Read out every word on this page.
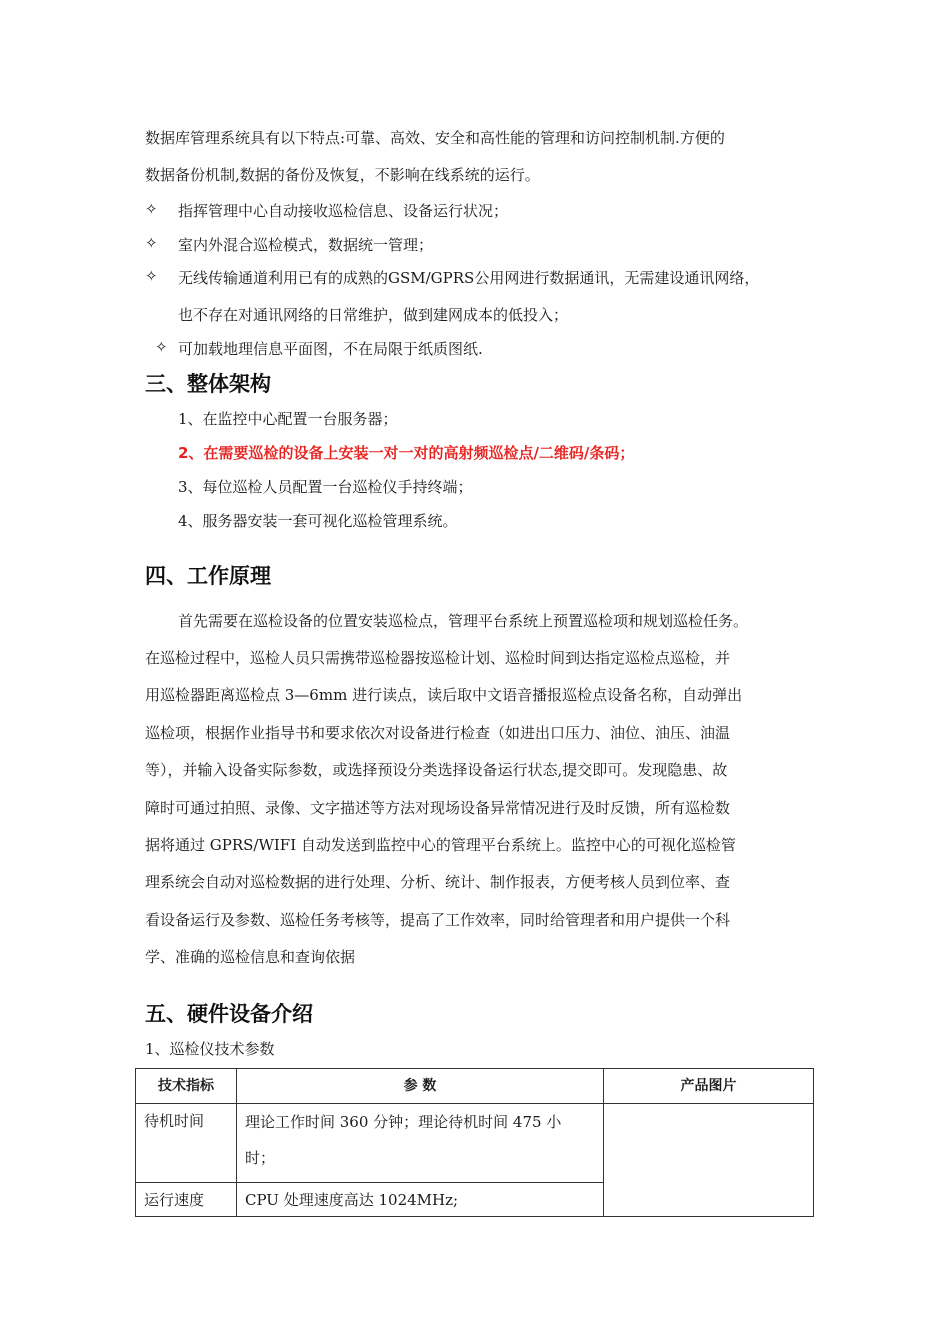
数据库管理系统具有以下特点:可靠、高效、安全和高性能的管理和访问控制机制.方便的
数据备份机制,数据的备份及恢复，不影响在线系统的运行。
✧ 指挥管理中心自动接收巡检信息、设备运行状况；
✧ 室内外混合巡检模式，数据统一管理；
✧ 无线传输通道利用已有的成熟的GSM/GPRS公用网进行数据通讯，无需建设通讯网络，
也不存在对通讯网络的日常维护，做到建网成本的低投入；
✧ 可加载地理信息平面图，不在局限于纸质图纸.
三、整体架构
1、在监控中心配置一台服务器；
2、在需要巡检的设备上安装一对一对的高射频巡检点/二维码/条码；
3、每位巡检人员配置一台巡检仪手持终端；
4、服务器安装一套可视化巡检管理系统。
四、工作原理
首先需要在巡检设备的位置安装巡检点，管理平台系统上预置巡检项和规划巡检任务。
在巡检过程中，巡检人员只需携带巡检器按巡检计划、巡检时间到达指定巡检点巡检，并
用巡检器距离巡检点 3—6mm 进行读点，读后取中文语音播报巡检点设备名称，自动弹出
巡检项，根据作业指导书和要求依次对设备进行检查（如进出口压力、油位、油压、油温
等），并输入设备实际参数，或选择预设分类选择设备运行状态,提交即可。发现隐患、故
障时可通过拍照、录像、文字描述等方法对现场设备异常情况进行及时反馈，所有巡检数
据将通过 GPRS/WIFI 自动发送到监控中心的管理平台系统上。监控中心的可视化巡检管
理系统会自动对巡检数据的进行处理、分析、统计、制作报表，方便考核人员到位率、查
看设备运行及参数、巡检任务考核等，提高了工作效率，同时给管理者和用户提供一个科
学、准确的巡检信息和查询依据
五、硬件设备介绍
1、巡检仪技术参数
技术指标	参 数	产品图片
待机时间	理论工作时间 360 分钟；理论待机时间 475 小
时；	

运行速度	CPU 处理速度高达 1024MHz;	
